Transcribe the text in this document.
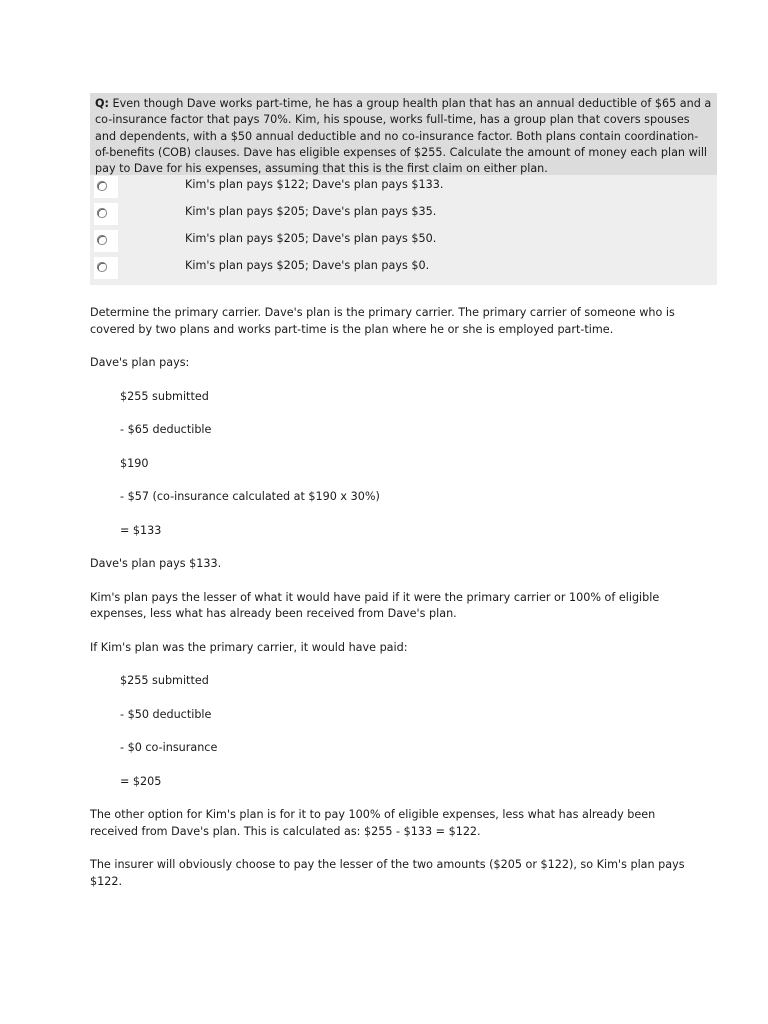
Q: Even though Dave works part-time, he has a group health plan that has an annual deductible of $65 and a co-insurance factor that pays 70%. Kim, his spouse, works full-time, has a group plan that covers spouses and dependents, with a $50 annual deductible and no co-insurance factor. Both plans contain coordination-of-benefits (COB) clauses. Dave has eligible expenses of $255. Calculate the amount of money each plan will pay to Dave for his expenses, assuming that this is the first claim on either plan.
Kim's plan pays $122; Dave's plan pays $133.
Kim's plan pays $205; Dave's plan pays $35.
Kim's plan pays $205; Dave's plan pays $50.
Kim's plan pays $205; Dave's plan pays $0.

Determine the primary carrier. Dave's plan is the primary carrier. The primary carrier of someone who is covered by two plans and works part-time is the plan where he or she is employed part-time.

Dave's plan pays:

$255 submitted

- $65 deductible

$190

- $57 (co-insurance calculated at $190 x 30%)

= $133

Dave's plan pays $133.

Kim's plan pays the lesser of what it would have paid if it were the primary carrier or 100% of eligible expenses, less what has already been received from Dave's plan.

If Kim's plan was the primary carrier, it would have paid:

$255 submitted

- $50 deductible

- $0 co-insurance

= $205

The other option for Kim's plan is for it to pay 100% of eligible expenses, less what has already been received from Dave's plan. This is calculated as: $255 - $133 = $122.

The insurer will obviously choose to pay the lesser of the two amounts ($205 or $122), so Kim's plan pays $122.
